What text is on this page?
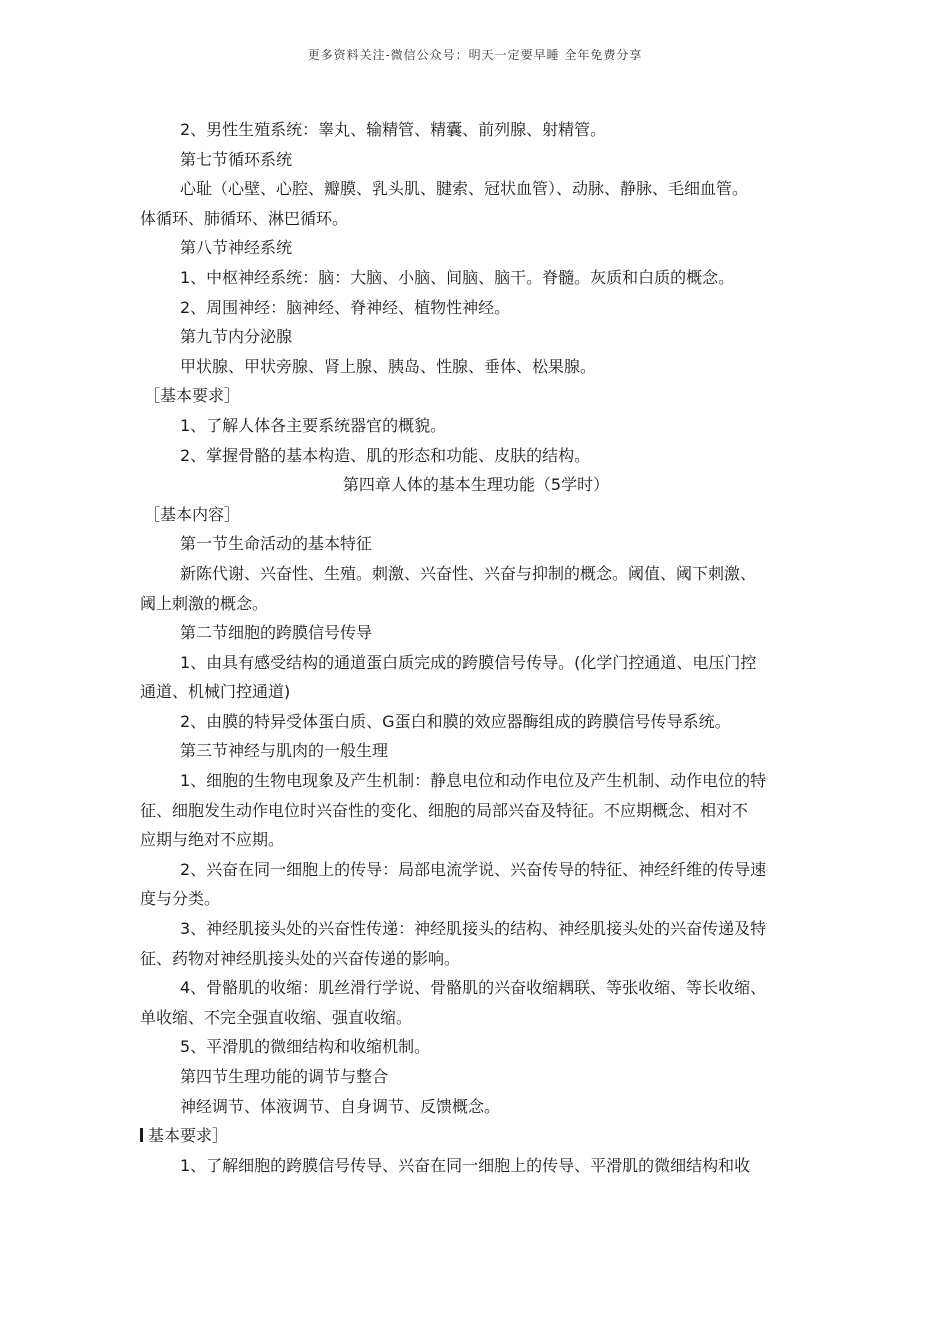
更多资料关注-微信公众号：明天一定要早睡 全年免费分享
2、男性生殖系统：睾丸、输精管、精囊、前列腺、射精管。
第七节循环系统
心耻（心壁、心腔、瓣膜、乳头肌、腱索、冠状血管）、动脉、静脉、毛细血管。
体循环、肺循环、淋巴循环。
第八节神经系统
1、中枢神经系统：脑：大脑、小脑、间脑、脑干。脊髓。灰质和白质的概念。
2、周围神经：脑神经、脊神经、植物性神经。
第九节内分泌腺
甲状腺、甲状旁腺、肾上腺、胰岛、性腺、垂体、松果腺。
［基本要求］
1、了解人体各主要系统器官的概貌。
2、掌握骨骼的基本构造、肌的形态和功能、皮肤的结构。
第四章人体的基本生理功能（5学时）
［基本内容］
第一节生命活动的基本特征
新陈代谢、兴奋性、生殖。刺激、兴奋性、兴奋与抑制的概念。阈值、阈下刺激、
阈上刺激的概念。
第二节细胞的跨膜信号传导
1、由具有感受结构的通道蛋白质完成的跨膜信号传导。(化学门控通道、电压门控
通道、机械门控通道)
2、由膜的特异受体蛋白质、G蛋白和膜的效应器酶组成的跨膜信号传导系统。
第三节神经与肌肉的一般生理
1、细胞的生物电现象及产生机制：静息电位和动作电位及产生机制、动作电位的特
征、细胞发生动作电位时兴奋性的变化、细胞的局部兴奋及特征。不应期概念、相对不
应期与绝对不应期。
2、兴奋在同一细胞上的传导：局部电流学说、兴奋传导的特征、神经纤维的传导速
度与分类。
3、神经肌接头处的兴奋性传递：神经肌接头的结构、神经肌接头处的兴奋传递及特
征、药物对神经肌接头处的兴奋传递的影响。
4、骨骼肌的收缩：肌丝滑行学说、骨骼肌的兴奋收缩耦联、等张收缩、等长收缩、
单收缩、不完全强直收缩、强直收缩。
5、平滑肌的微细结构和收缩机制。
第四节生理功能的调节与整合
神经调节、体液调节、自身调节、反馈概念。
基本要求］
1、了解细胞的跨膜信号传导、兴奋在同一细胞上的传导、平滑肌的微细结构和收
